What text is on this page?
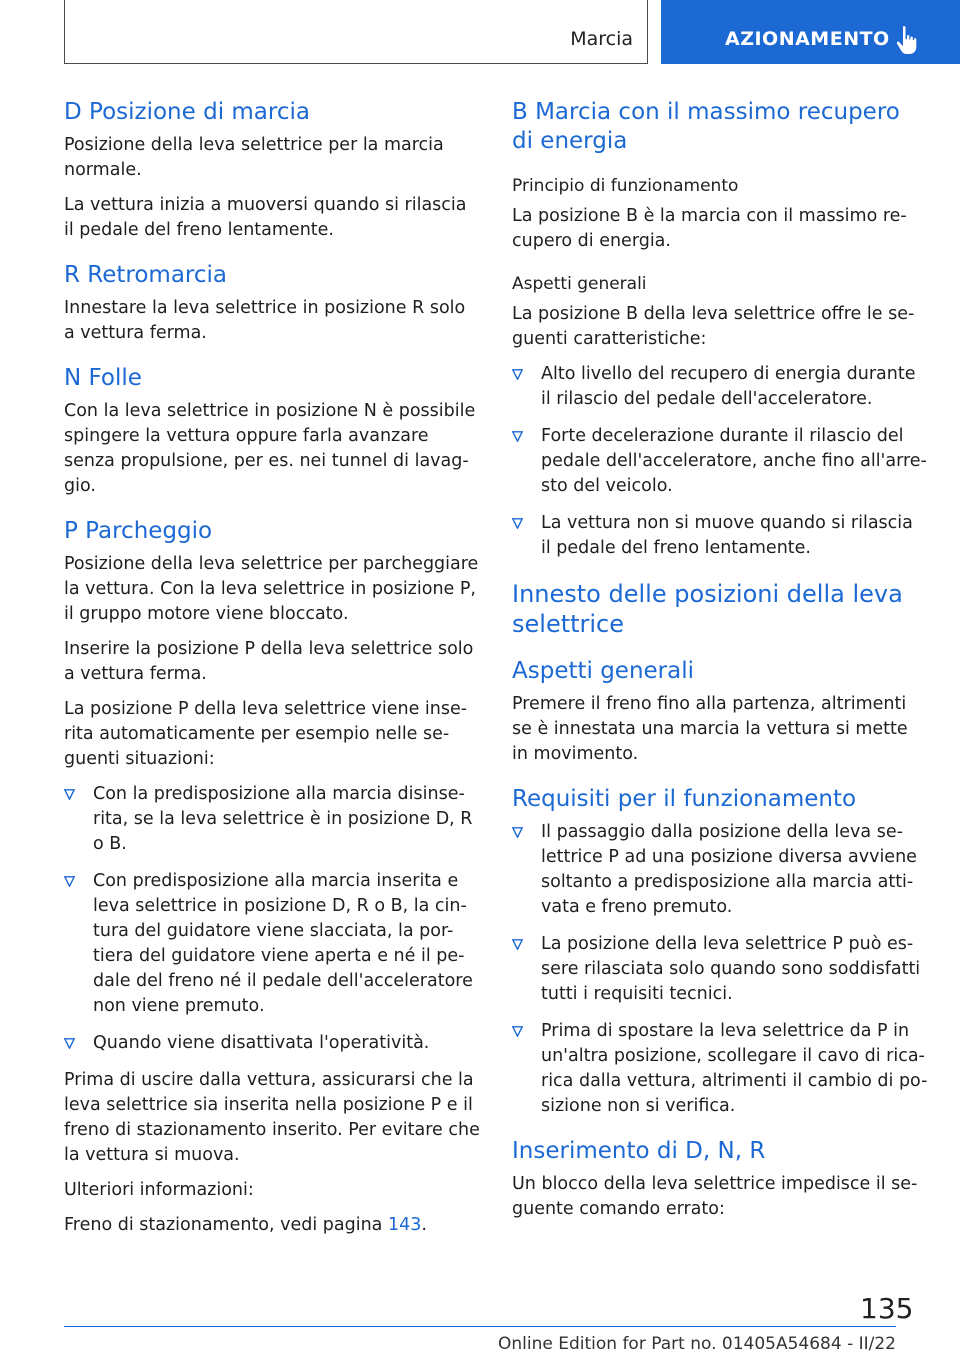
Marcia	AZIONAMENTO
D Posizione di marcia

Posizione della leva selettrice per la marcia normale.

La vettura inizia a muoversi quando si rilascia il pedale del freno lentamente.

R Retromarcia

Innestare la leva selettrice in posizione R solo a vettura ferma.

N Folle

Con la leva selettrice in posizione N è possibile spingere la vettura oppure farla avanzare senza propulsione, per es. nei tunnel di lavag-gio.

P Parcheggio

Posizione della leva selettrice per parcheggiare la vettura. Con la leva selettrice in posizione P, il gruppo motore viene bloccato.

Inserire la posizione P della leva selettrice solo a vettura ferma.

La posizione P della leva selettrice viene inse-rita automaticamente per esempio nelle se-guenti situazioni:

Con la predisposizione alla marcia disinse-rita, se la leva selettrice è in posizione D, R o B.
Con predisposizione alla marcia inserita e leva selettrice in posizione D, R o B, la cin-tura del guidatore viene slacciata, la por-tiera del guidatore viene aperta e né il pe-dale del freno né il pedale dell'acceleratore non viene premuto.
Quando viene disattivata l'operatività.

Prima di uscire dalla vettura, assicurarsi che la leva selettrice sia inserita nella posizione P e il freno di stazionamento inserito. Per evitare che la vettura si muova.

Ulteriori informazioni:

Freno di stazionamento, vedi pagina 143.

B Marcia con il massimo recupero di energia
Principio di funzionamento

La posizione B è la marcia con il massimo re-cupero di energia.

Aspetti generali

La posizione B della leva selettrice offre le se-guenti caratteristiche:

Alto livello del recupero di energia durante il rilascio del pedale dell'acceleratore.
Forte decelerazione durante il rilascio del pedale dell'acceleratore, anche fino all'arre-sto del veicolo.
La vettura non si muove quando si rilascia il pedale del freno lentamente.
Innesto delle posizioni della leva selettrice
Aspetti generali

Premere il freno fino alla partenza, altrimenti se è innestata una marcia la vettura si mette in movimento.

Requisiti per il funzionamento
Il passaggio dalla posizione della leva se-lettrice P ad una posizione diversa avviene soltanto a predisposizione alla marcia atti-vata e freno premuto.
La posizione della leva selettrice P può es-sere rilasciata solo quando sono soddisfatti tutti i requisiti tecnici.
Prima di spostare la leva selettrice da P in un'altra posizione, scollegare il cavo di rica-rica dalla vettura, altrimenti il cambio di po-sizione non si verifica.
Inserimento di D, N, R

Un blocco della leva selettrice impedisce il se-guente comando errato:

135
Online Edition for Part no. 01405A54684 - II/22
